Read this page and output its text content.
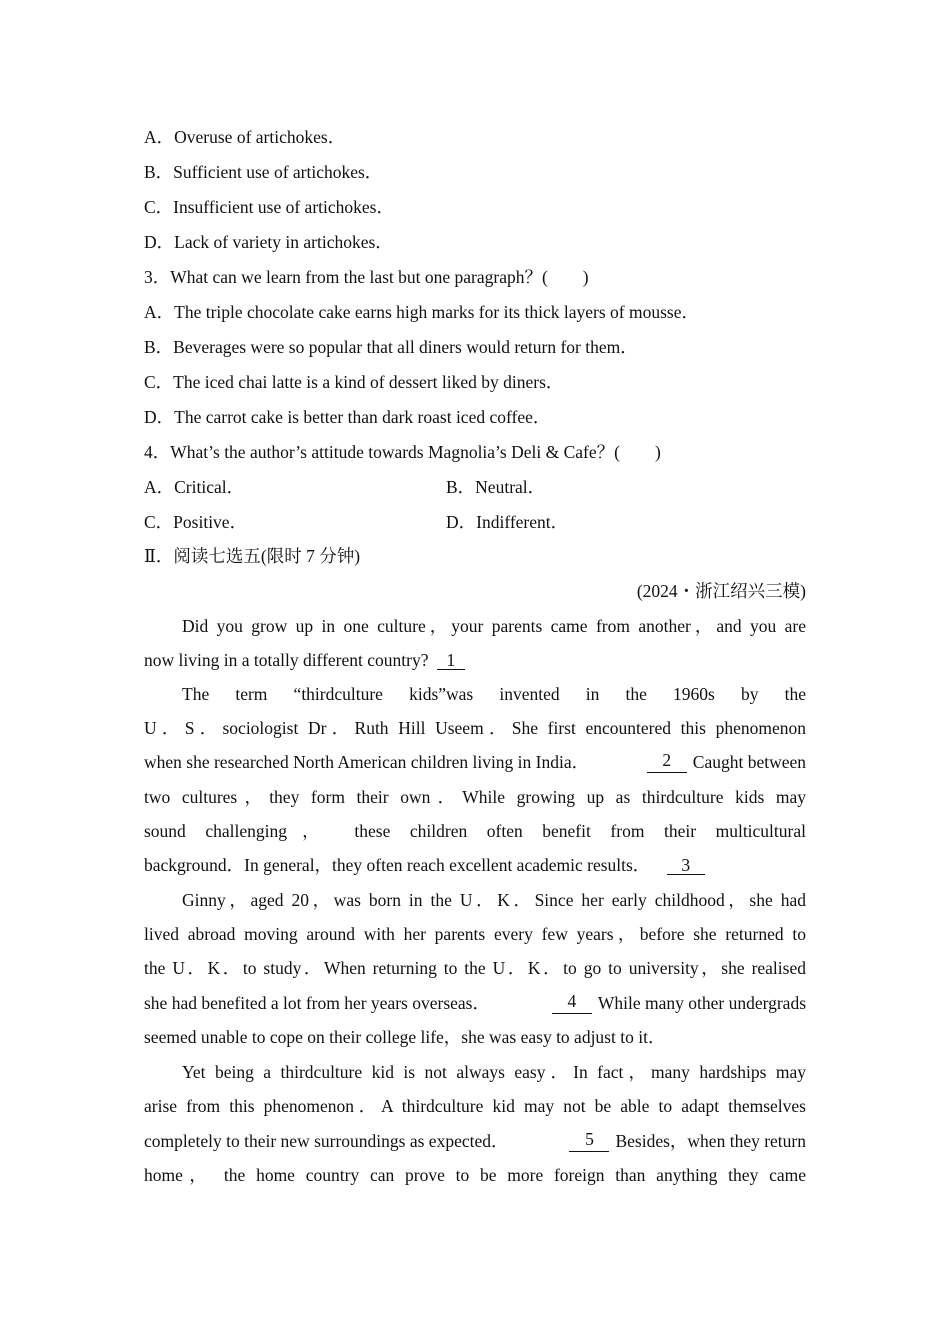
A．Overuse of artichokes．
B．Sufficient use of artichokes．
C．Insufficient use of artichokes．
D．Lack of variety in artichokes．
3．What can we learn from the last but one paragraph？(　　)
A．The triple chocolate cake earns high marks for its thick layers of mousse．
B．Beverages were so popular that all diners would return for them．
C．The iced chai latte is a kind of dessert liked by diners．
D．The carrot cake is better than dark roast iced coffee．
4．What’s the author’s attitude towards Magnolia’s Deli & Cafe？(　　)
A．Critical．	B．Neutral．
C．Positive．	D．Indifferent．
Ⅱ．阅读七选五(限时 7 分钟)
(2024・浙江绍兴三模)
Did you grow up in one culture，your parents came from another，and you are
now living in a totally different country? 1
The term “thirdculture kids”was invented in the 1960s by the
U．S．sociologist Dr．Ruth Hill Useem．She first encountered this phenomenon
when she researched North American children living in India．	2	Caught between
two cultures，they form their own．While growing up as thirdculture kids may
sound challenging， these children often benefit from their multicultural
background．In general，they often reach excellent academic results． 3
Ginny，aged 20，was born in the U．K．Since her early childhood，she had
lived abroad moving around with her parents every few years，before she returned to
the U．K．to study．When returning to the U．K．to go to university，she realised
she had benefited a lot from her years overseas．	4	While many other undergrads
seemed unable to cope on their college life，she was easy to adjust to it．
Yet being a thirdculture kid is not always easy．In fact，many hardships may
arise from this phenomenon．A thirdculture kid may not be able to adapt themselves
completely to their new surroundings as expected．	5	Besides，when they return
home， the home country can prove to be more foreign than anything they came
